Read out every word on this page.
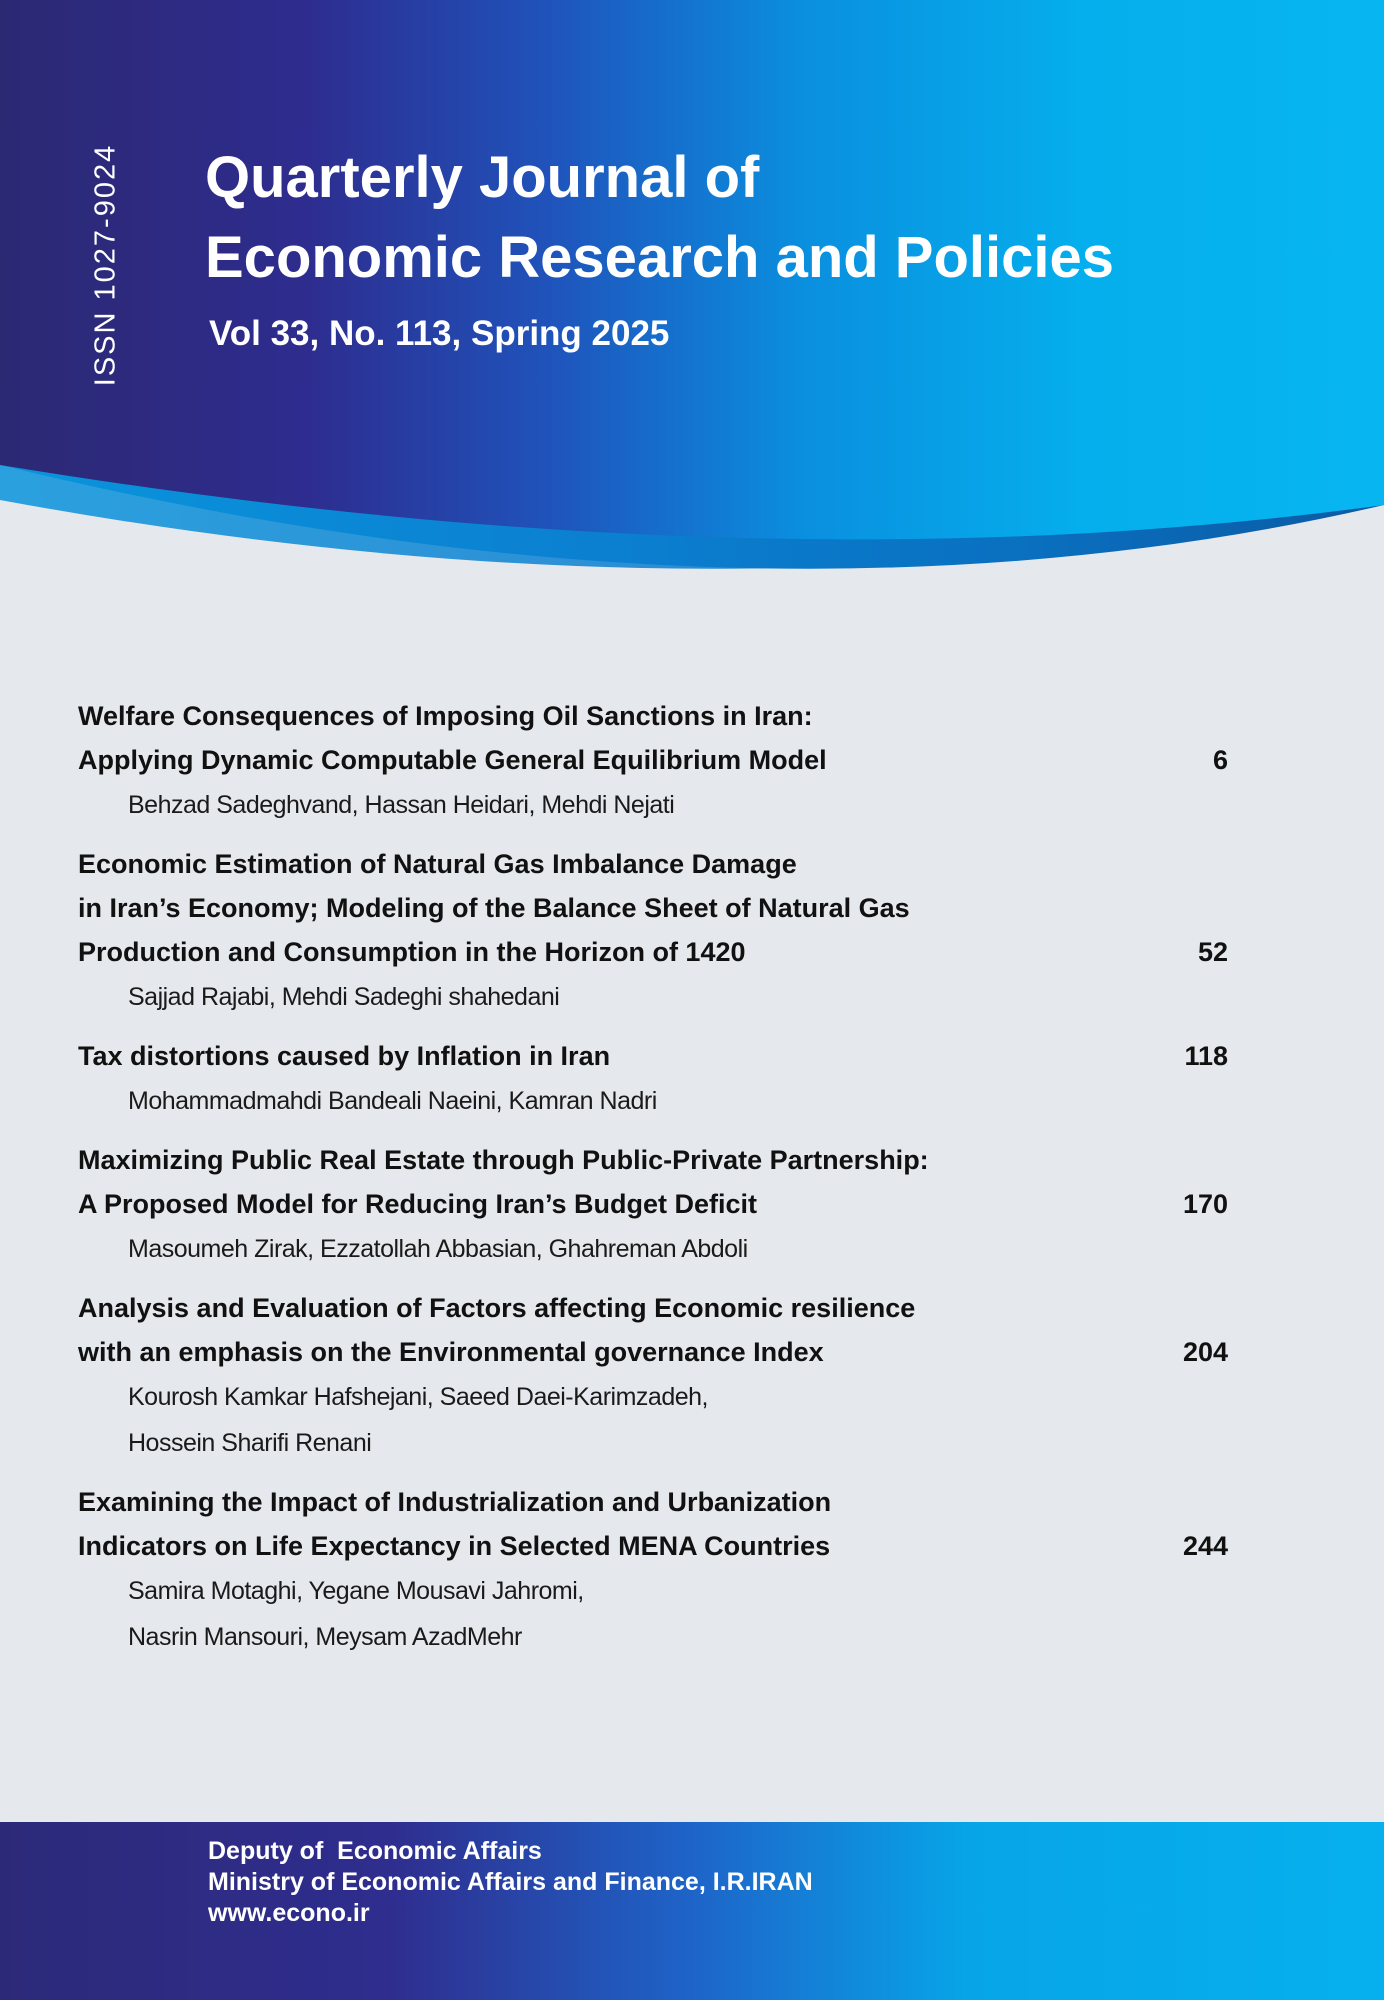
ISSN 1027-9024 Quarterly Journal of
Economic Research and Policies
Vol 33, No. 113, Spring 2025
Welfare Consequences of Imposing Oil Sanctions in Iran:
Applying Dynamic Computable General Equilibrium Model	6
Behzad Sadeghvand, Hassan Heidari, Mehdi Nejati
Economic Estimation of Natural Gas Imbalance Damage
in Iran’s Economy; Modeling of the Balance Sheet of Natural Gas
Production and Consumption in the Horizon of 1420	52
Sajjad Rajabi, Mehdi Sadeghi shahedani
Tax distortions caused by Inflation in Iran	118
Mohammadmahdi Bandeali Naeini, Kamran Nadri
Maximizing Public Real Estate through Public-Private Partnership:
A Proposed Model for Reducing Iran’s Budget Deficit	170
Masoumeh Zirak, Ezzatollah Abbasian, Ghahreman Abdoli
Analysis and Evaluation of Factors affecting Economic resilience
with an emphasis on the Environmental governance Index	204
Kourosh Kamkar Hafshejani, Saeed Daei-Karimzadeh,
Hossein Sharifi Renani
Examining the Impact of Industrialization and Urbanization
Indicators on Life Expectancy in Selected MENA Countries	244
Samira Motaghi, Yegane Mousavi Jahromi,
Nasrin Mansouri, Meysam AzadMehr
Deputy of  Economic Affairs
Ministry of Economic Affairs and Finance, I.R.IRAN
www.econo.ir
